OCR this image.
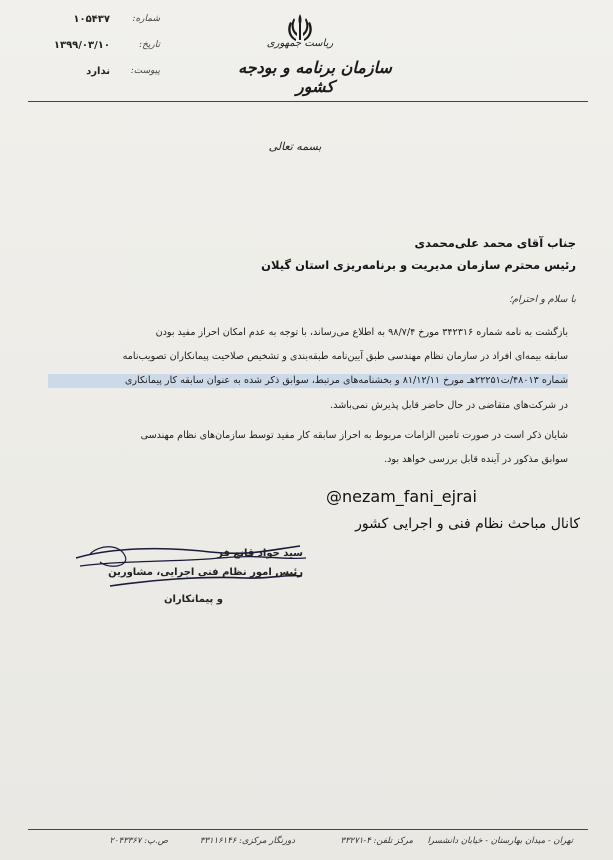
ریاست جمهوری
سازمان برنامه و بودجه کشور
شماره:
۱۰۵۴۳۷
تاریخ:
۱۳۹۹/۰۳/۱۰
پیوست:
ندارد
بسمه تعالی
جناب آقای محمد علی‌محمدی
رئیس محترم سازمان مدیریت و برنامه‌ریزی استان گیلان
با سلام و احترام؛
بازگشت به نامه شماره ۳۴۲۳۱۶ مورخ ۹۸/۷/۴ به اطلاع می‌رساند، با توجه به عدم امکان احراز مفید بودن
سابقه بیمه‌ای افراد در سازمان نظام مهندسی طبق آیین‌نامه طبقه‌بندی و تشخیص صلاحیت پیمانکاران تصویب‌نامه
شماره ۴۸۰۱۳/ت۲۲۲۵۱هـ مورخ ۸۱/۱۲/۱۱ و بخشنامه‌های مرتبط، سوابق ذکر شده به عنوان سابقه کار پیمانکاری
در شرکت‌های متقاضی در حال حاضر قابل پذیرش نمی‌باشد.
شایان ذکر است در صورت تامین الزامات مربوط به احراز سابقه کار مفید توسط سازمان‌های نظام مهندسی
سوابق مذکور در آینده قابل بررسی خواهد بود.
@nezam_fani_ejrai
کانال مباحث نظام فنی و اجرایی کشور
سید جواد قانع فر
رئیس امور نظام فنی اجرایی، مشاورین
و پیمانکاران
تهران - میدان بهارستان - خیابان دانشسرا
مرکز تلفن: ۴-۳۳۲۷۱
دورنگار مرکزی: ۳۳۱۱۶۱۴۶
ص.پ: ۲۰۴۳۳۶۷
